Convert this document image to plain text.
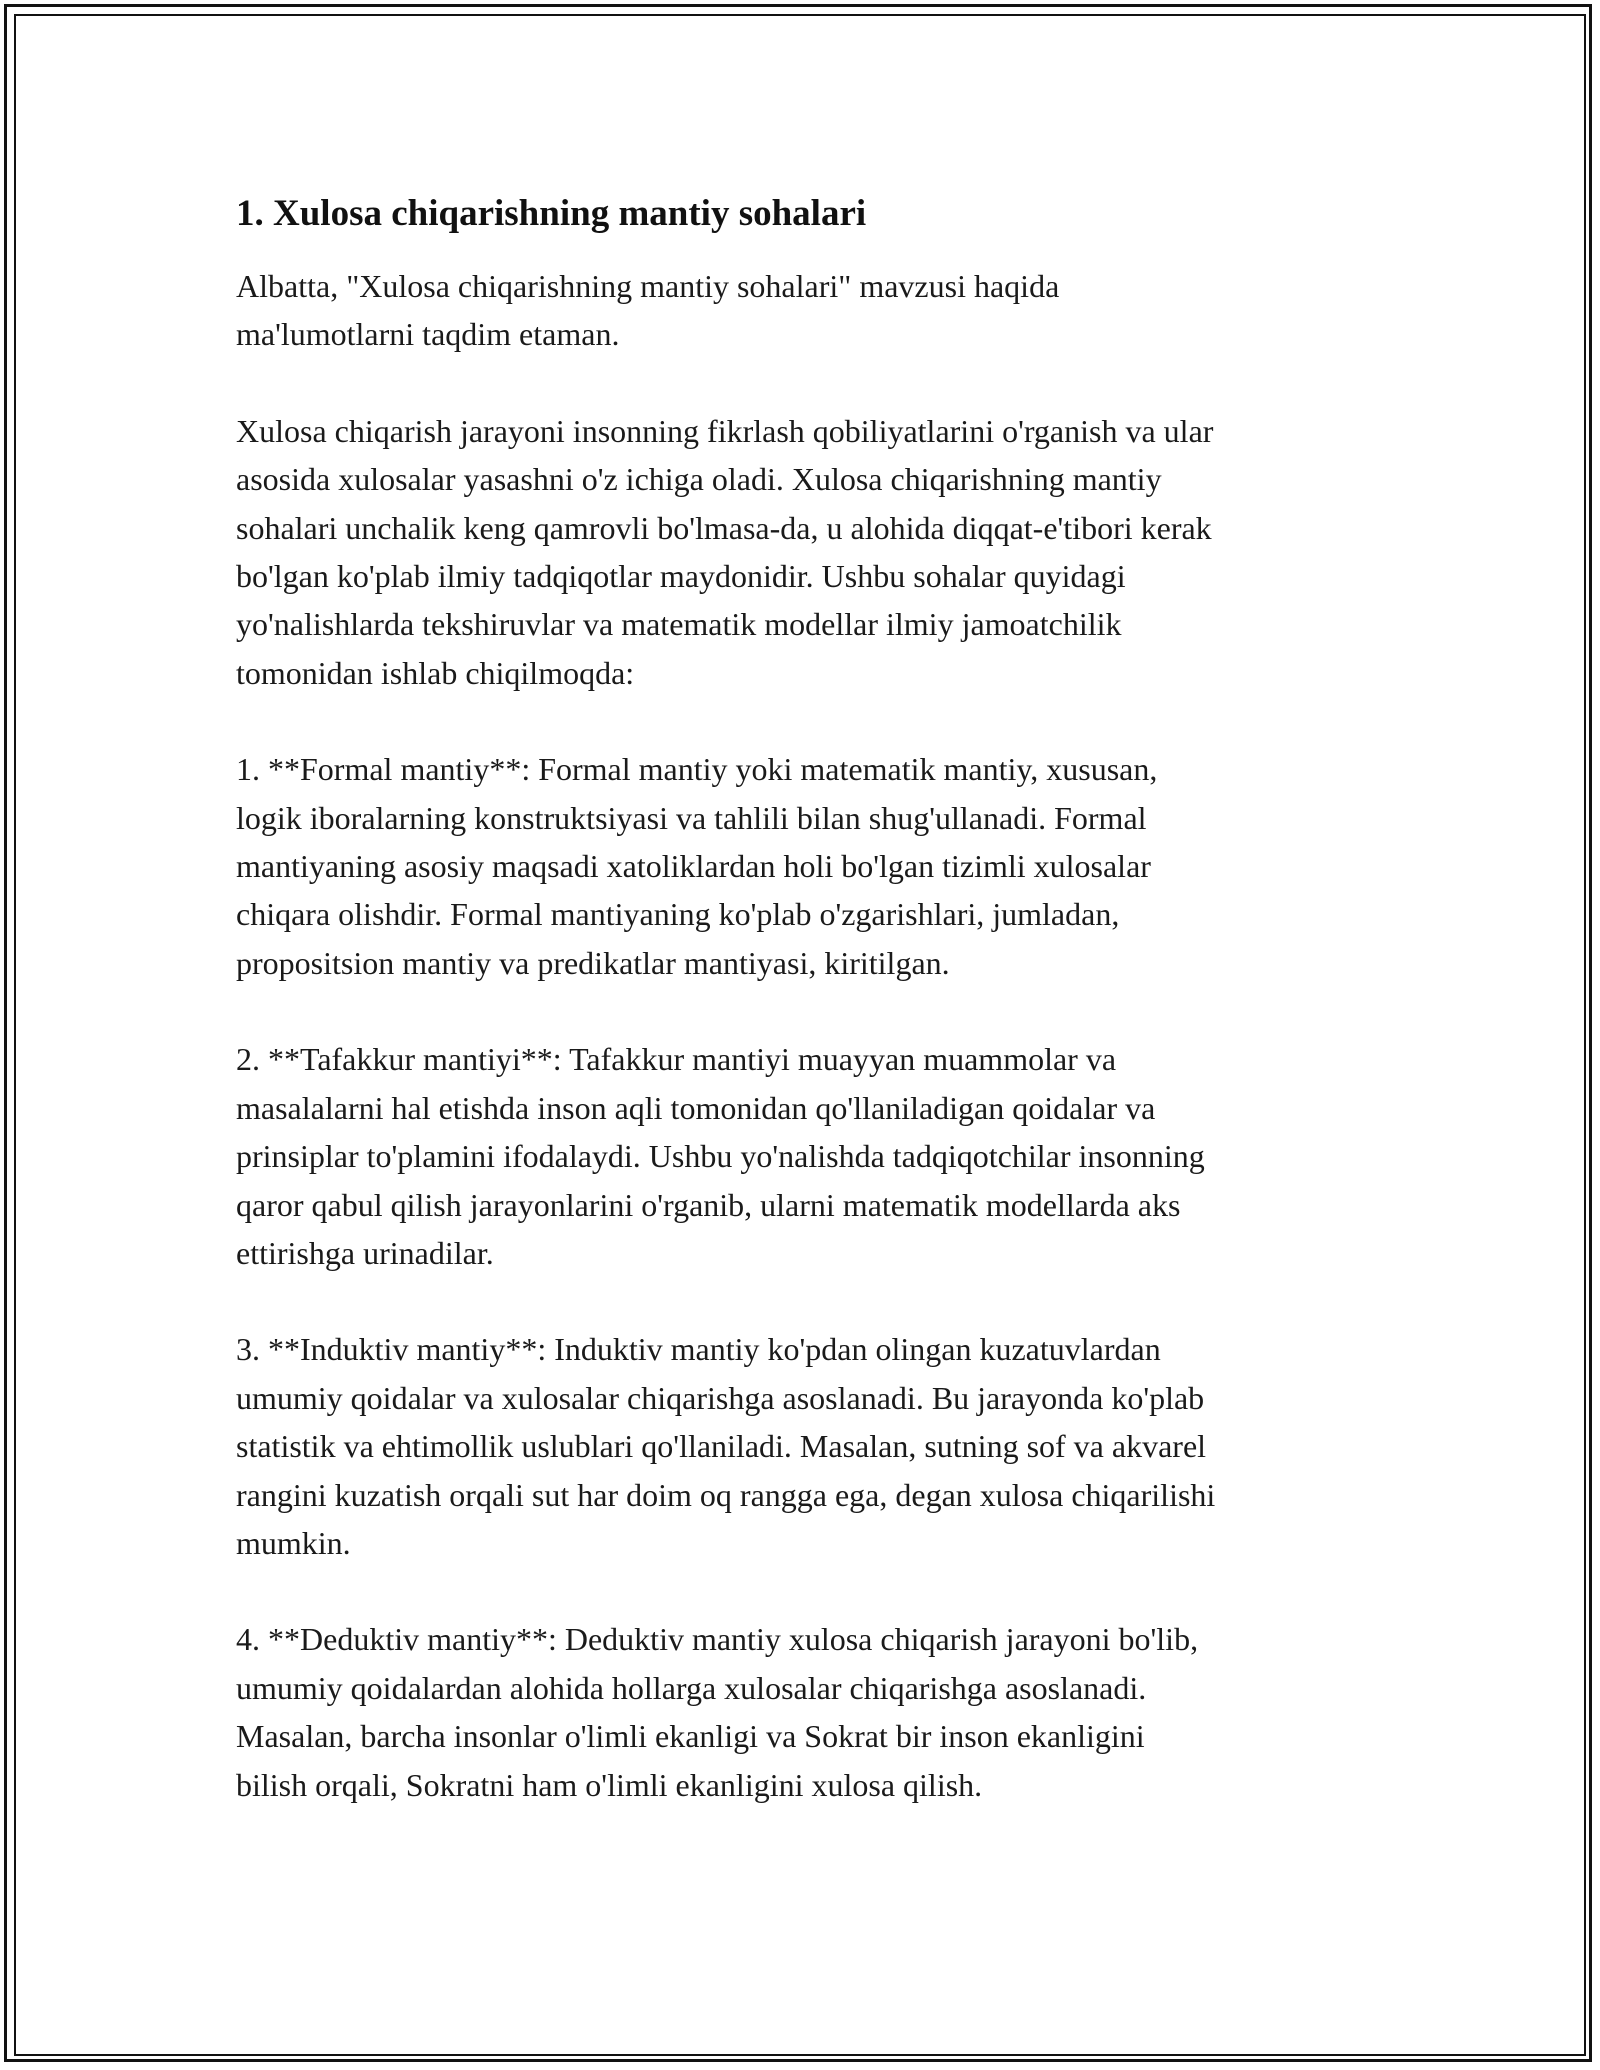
1. Xulosa chiqarishning mantiy sohalari

Albatta, "Xulosa chiqarishning mantiy sohalari" mavzusi haqida
ma'lumotlarni taqdim etaman.

Xulosa chiqarish jarayoni insonning fikrlash qobiliyatlarini o'rganish va ular
asosida xulosalar yasashni o'z ichiga oladi. Xulosa chiqarishning mantiy
sohalari unchalik keng qamrovli bo'lmasa-da, u alohida diqqat-e'tibori kerak
bo'lgan ko'plab ilmiy tadqiqotlar maydonidir. Ushbu sohalar quyidagi
yo'nalishlarda tekshiruvlar va matematik modellar ilmiy jamoatchilik
tomonidan ishlab chiqilmoqda:

1. **Formal mantiy**: Formal mantiy yoki matematik mantiy, xususan,
logik iboralarning konstruktsiyasi va tahlili bilan shug'ullanadi. Formal
mantiyaning asosiy maqsadi xatoliklardan holi bo'lgan tizimli xulosalar
chiqara olishdir. Formal mantiyaning ko'plab o'zgarishlari, jumladan,
propositsion mantiy va predikatlar mantiyasi, kiritilgan.

2. **Tafakkur mantiyi**: Tafakkur mantiyi muayyan muammolar va
masalalarni hal etishda inson aqli tomonidan qo'llaniladigan qoidalar va
prinsiplar to'plamini ifodalaydi. Ushbu yo'nalishda tadqiqotchilar insonning
qaror qabul qilish jarayonlarini o'rganib, ularni matematik modellarda aks
ettirishga urinadilar.

3. **Induktiv mantiy**: Induktiv mantiy ko'pdan olingan kuzatuvlardan
umumiy qoidalar va xulosalar chiqarishga asoslanadi. Bu jarayonda ko'plab
statistik va ehtimollik uslublari qo'llaniladi. Masalan, sutning sof va akvarel
rangini kuzatish orqali sut har doim oq rangga ega, degan xulosa chiqarilishi
mumkin.

4. **Deduktiv mantiy**: Deduktiv mantiy xulosa chiqarish jarayoni bo'lib,
umumiy qoidalardan alohida hollarga xulosalar chiqarishga asoslanadi.
Masalan, barcha insonlar o'limli ekanligi va Sokrat bir inson ekanligini
bilish orqali, Sokratni ham o'limli ekanligini xulosa qilish.
